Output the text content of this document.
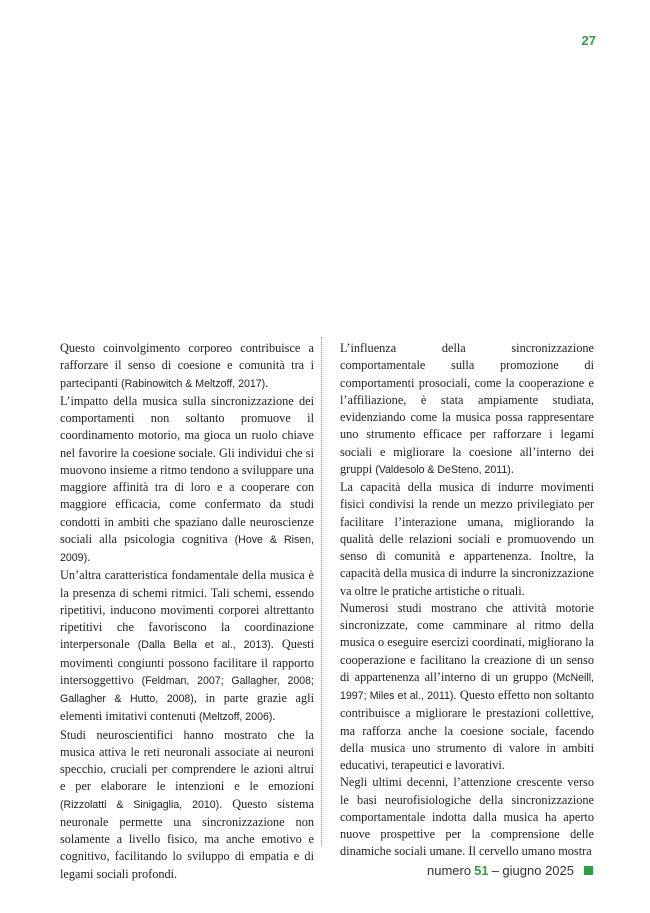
27

Questo coinvolgimento corporeo contribuisce a rafforzare il senso di coesione e comunità tra i partecipanti (Rabinowitch & Meltzoff, 2017).

L’impatto della musica sulla sincronizzazione dei comportamenti non soltanto promuove il coordinamento motorio, ma gioca un ruolo chiave nel favorire la coesione sociale. Gli individui che si muovono insieme a ritmo tendono a sviluppare una maggiore affinità tra di loro e a cooperare con maggiore efficacia, come confermato da studi condotti in ambiti che spaziano dalle neuroscienze sociali alla psicologia cognitiva (Hove & Risen, 2009).

Un’altra caratteristica fondamentale della musica è la presenza di schemi ritmici. Tali schemi, essendo ripetitivi, inducono movimenti corporei altrettanto ripetitivi che favoriscono la coordinazione interpersonale (Dalla Bella et al., 2013). Questi movimenti congiunti possono facilitare il rapporto intersoggettivo (Feldman, 2007; Gallagher, 2008; Gallagher & Hutto, 2008), in parte grazie agli elementi imitativi contenuti (Meltzoff, 2006).

Studi neuroscientifici hanno mostrato che la musica attiva le reti neuronali associate ai neuroni specchio, cruciali per comprendere le azioni altrui e per elaborare le intenzioni e le emozioni (Rizzolatti & Sinigaglia, 2010). Questo sistema neuronale permette una sincronizzazione non solamente a livello fisico, ma anche emotivo e cognitivo, facilitando lo sviluppo di empatia e di legami sociali profondi.

L’influenza della sincronizzazione comportamentale sulla promozione di comportamenti prosociali, come la cooperazione e l’affiliazione, è stata ampiamente studiata, evidenziando come la musica possa rappresentare uno strumento efficace per rafforzare i legami sociali e migliorare la coesione all’interno dei gruppi (Valdesolo & DeSteno, 2011).

La capacità della musica di indurre movimenti fisici condivisi la rende un mezzo privilegiato per facilitare l’interazione umana, migliorando la qualità delle relazioni sociali e promuovendo un senso di comunità e appartenenza. Inoltre, la capacità della musica di indurre la sincronizzazione va oltre le pratiche artistiche o rituali.

Numerosi studi mostrano che attività motorie sincronizzate, come camminare al ritmo della musica o eseguire esercizi coordinati, migliorano la cooperazione e facilitano la creazione di un senso di appartenenza all’interno di un gruppo (McNeill, 1997; Miles et al., 2011). Questo effetto non soltanto contribuisce a migliorare le prestazioni collettive, ma rafforza anche la coesione sociale, facendo della musica uno strumento di valore in ambiti educativi, terapeutici e lavorativi.

Negli ultimi decenni, l’attenzione crescente verso le basi neurofisiologiche della sincronizzazione comportamentale indotta dalla musica ha aperto nuove prospettive per la comprensione delle dinamiche sociali umane. Il cervello umano mostra

numero 51 –
giugno 2025
